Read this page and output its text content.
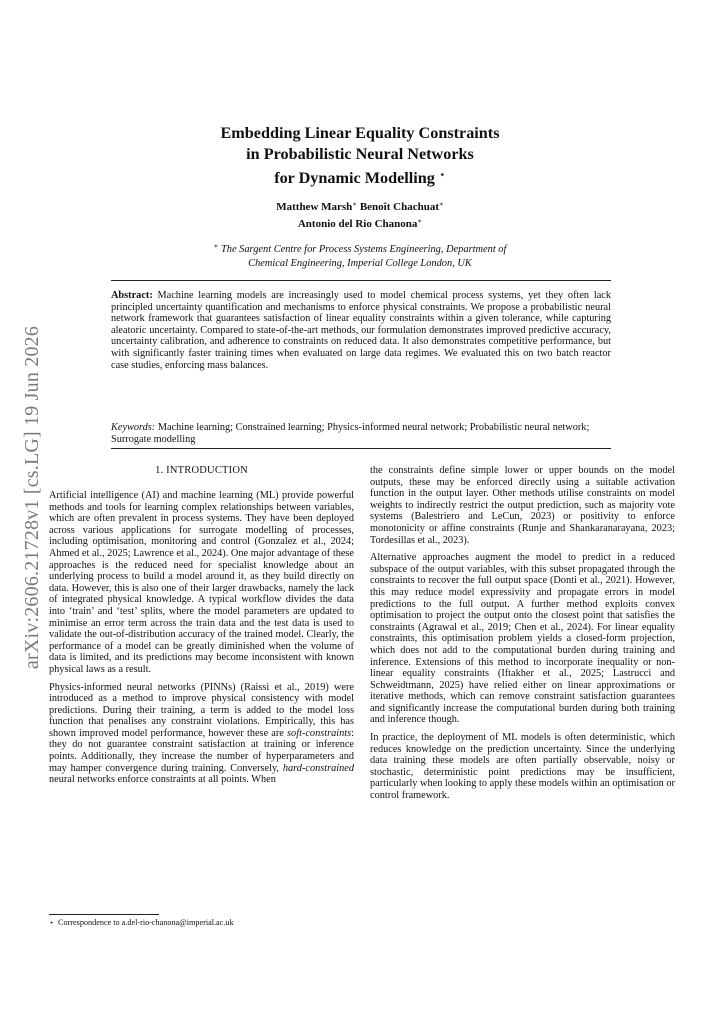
arXiv:2606.21728v1 [cs.LG] 19 Jun 2026
Embedding Linear Equality Constraints
in Probabilistic Neural Networks
for Dynamic Modelling ⋆
Matthew Marsh∗ Benoît Chachuat∗
Antonio del Rio Chanona∗
∗ The Sargent Centre for Process Systems Engineering, Department of
Chemical Engineering, Imperial College London, UK
Abstract: Machine learning models are increasingly used to model chemical process systems, yet they often lack principled uncertainty quantification and mechanisms to enforce physical constraints. We propose a probabilistic neural network framework that guarantees satisfaction of linear equality constraints within a given tolerance, while capturing aleatoric uncertainty. Compared to state-of-the-art methods, our formulation demonstrates improved predictive accuracy, uncertainty calibration, and adherence to constraints on reduced data. It also demonstrates competitive performance, but with significantly faster training times when evaluated on large data regimes. We evaluated this on two batch reactor case studies, enforcing mass balances.
Keywords: Machine learning; Constrained learning; Physics-informed neural network; Probabilistic neural network; Surrogate modelling
1. INTRODUCTION

Artificial intelligence (AI) and machine learning (ML) provide powerful methods and tools for learning complex relationships between variables, which are often prevalent in process systems. They have been deployed across various applications for surrogate modelling of processes, including optimisation, monitoring and control (Gonzalez et al., 2024; Ahmed et al., 2025; Lawrence et al., 2024). One major advantage of these approaches is the reduced need for specialist knowledge about an underlying process to build a model around it, as they build directly on data. However, this is also one of their larger drawbacks, namely the lack of integrated physical knowledge. A typical workflow divides the data into ‘train’ and ‘test’ splits, where the model parameters are updated to minimise an error term across the train data and the test data is used to validate the out-of-distribution accuracy of the trained model. Clearly, the performance of a model can be greatly diminished when the volume of data is limited, and its predictions may become inconsistent with known physical laws as a result.

Physics-informed neural networks (PINNs) (Raissi et al., 2019) were introduced as a method to improve physical consistency with model predictions. During their training, a term is added to the model loss function that penalises any constraint violations. Empirically, this has shown improved model performance, however these are soft-constraints: they do not guarantee constraint satisfaction at training or inference points. Additionally, they increase the number of hyperparameters and may hamper convergence during training. Conversely, hard-constrained neural networks enforce constraints at all points. When

the constraints define simple lower or upper bounds on the model outputs, these may be enforced directly using a suitable activation function in the output layer. Other methods utilise constraints on model weights to indirectly restrict the output prediction, such as majority vote systems (Balestriero and LeCun, 2023) or positivity to enforce monotonicity or affine constraints (Runje and Shankaranarayana, 2023; Tordesillas et al., 2023).

Alternative approaches augment the model to predict in a reduced subspace of the output variables, with this subset propagated through the constraints to recover the full output space (Donti et al., 2021). However, this may reduce model expressivity and propagate errors in model predictions to the full output. A further method exploits convex optimisation to project the output onto the closest point that satisfies the constraints (Agrawal et al., 2019; Chen et al., 2024). For linear equality constraints, this optimisation problem yields a closed-form projection, which does not add to the computational burden during training and inference. Extensions of this method to incorporate inequality or non-linear equality constraints (Iftakher et al., 2025; Lastrucci and Schweidtmann, 2025) have relied either on linear approximations or iterative methods, which can remove constraint satisfaction guarantees and significantly increase the computational burden during both training and inference though.

In practice, the deployment of ML models is often deterministic, which reduces knowledge on the prediction uncertainty. Since the underlying data training these models are often partially observable, noisy or stochastic, deterministic point predictions may be insufficient, particularly when looking to apply these models within an optimisation or control framework.

⋆ Correspondence to a.del-rio-chanona@imperial.ac.uk
